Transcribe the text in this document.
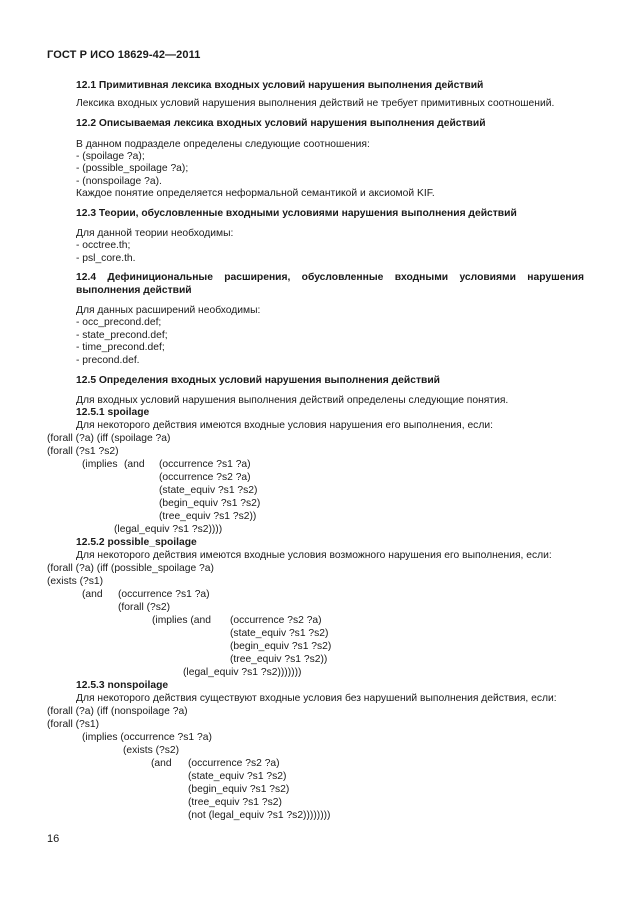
ГОСТ Р ИСО 18629-42—2011
12.1 Примитивная лексика входных условий нарушения выполнения действий
Лексика входных условий нарушения выполнения действий не требует примитивных соотношений.
12.2 Описываемая лексика входных условий нарушения выполнения действий
В данном подразделе определены следующие соотношения:
- (spoilage ?a);
- (possible_spoilage ?a);
- (nonspoilage ?a).
Каждое понятие определяется неформальной семантикой и аксиомой KIF.
12.3 Теории, обусловленные входными условиями нарушения выполнения действий
Для данной теории необходимы:
- occtree.th;
- psl_core.th.
12.4 Дефинициональные расширения, обусловленные входными условиями нарушения
выполнения действий
Для данных расширений необходимы:
- occ_precond.def;
- state_precond.def;
- time_precond.def;
- precond.def.
12.5 Определения входных условий нарушения выполнения действий
Для входных условий нарушения выполнения действий определены следующие понятия.
12.5.1 spoilage
Для некоторого действия имеются входные условия нарушения его выполнения, если:
(forall (?a) (iff (spoilage ?a)
(forall (?s1 ?s2)
(implies (and (occurrence ?s1 ?a)
(occurrence ?s2 ?a)
(state_equiv ?s1 ?s2)
(begin_equiv ?s1 ?s2)
(tree_equiv ?s1 ?s2))
(legal_equiv ?s1 ?s2))))
12.5.2 possible_spoilage
Для некоторого действия имеются входные условия возможного нарушения его выполнения, если:
(forall (?a) (iff (possible_spoilage ?a)
(exists (?s1)
(and (occurrence ?s1 ?a)
(forall (?s2)
(implies (and (occurrence ?s2 ?a)
(state_equiv ?s1 ?s2)
(begin_equiv ?s1 ?s2)
(tree_equiv ?s1 ?s2))
(legal_equiv ?s1 ?s2)))))))
12.5.3 nonspoilage
Для некоторого действия существуют входные условия без нарушений выполнения действия, если:
(forall (?a) (iff (nonspoilage ?a)
(forall (?s1)
(implies (occurrence ?s1 ?a)
(exists (?s2)
(and (occurrence ?s2 ?a)
(state_equiv ?s1 ?s2)
(begin_equiv ?s1 ?s2)
(tree_equiv ?s1 ?s2)
(not (legal_equiv ?s1 ?s2))))))))
16
